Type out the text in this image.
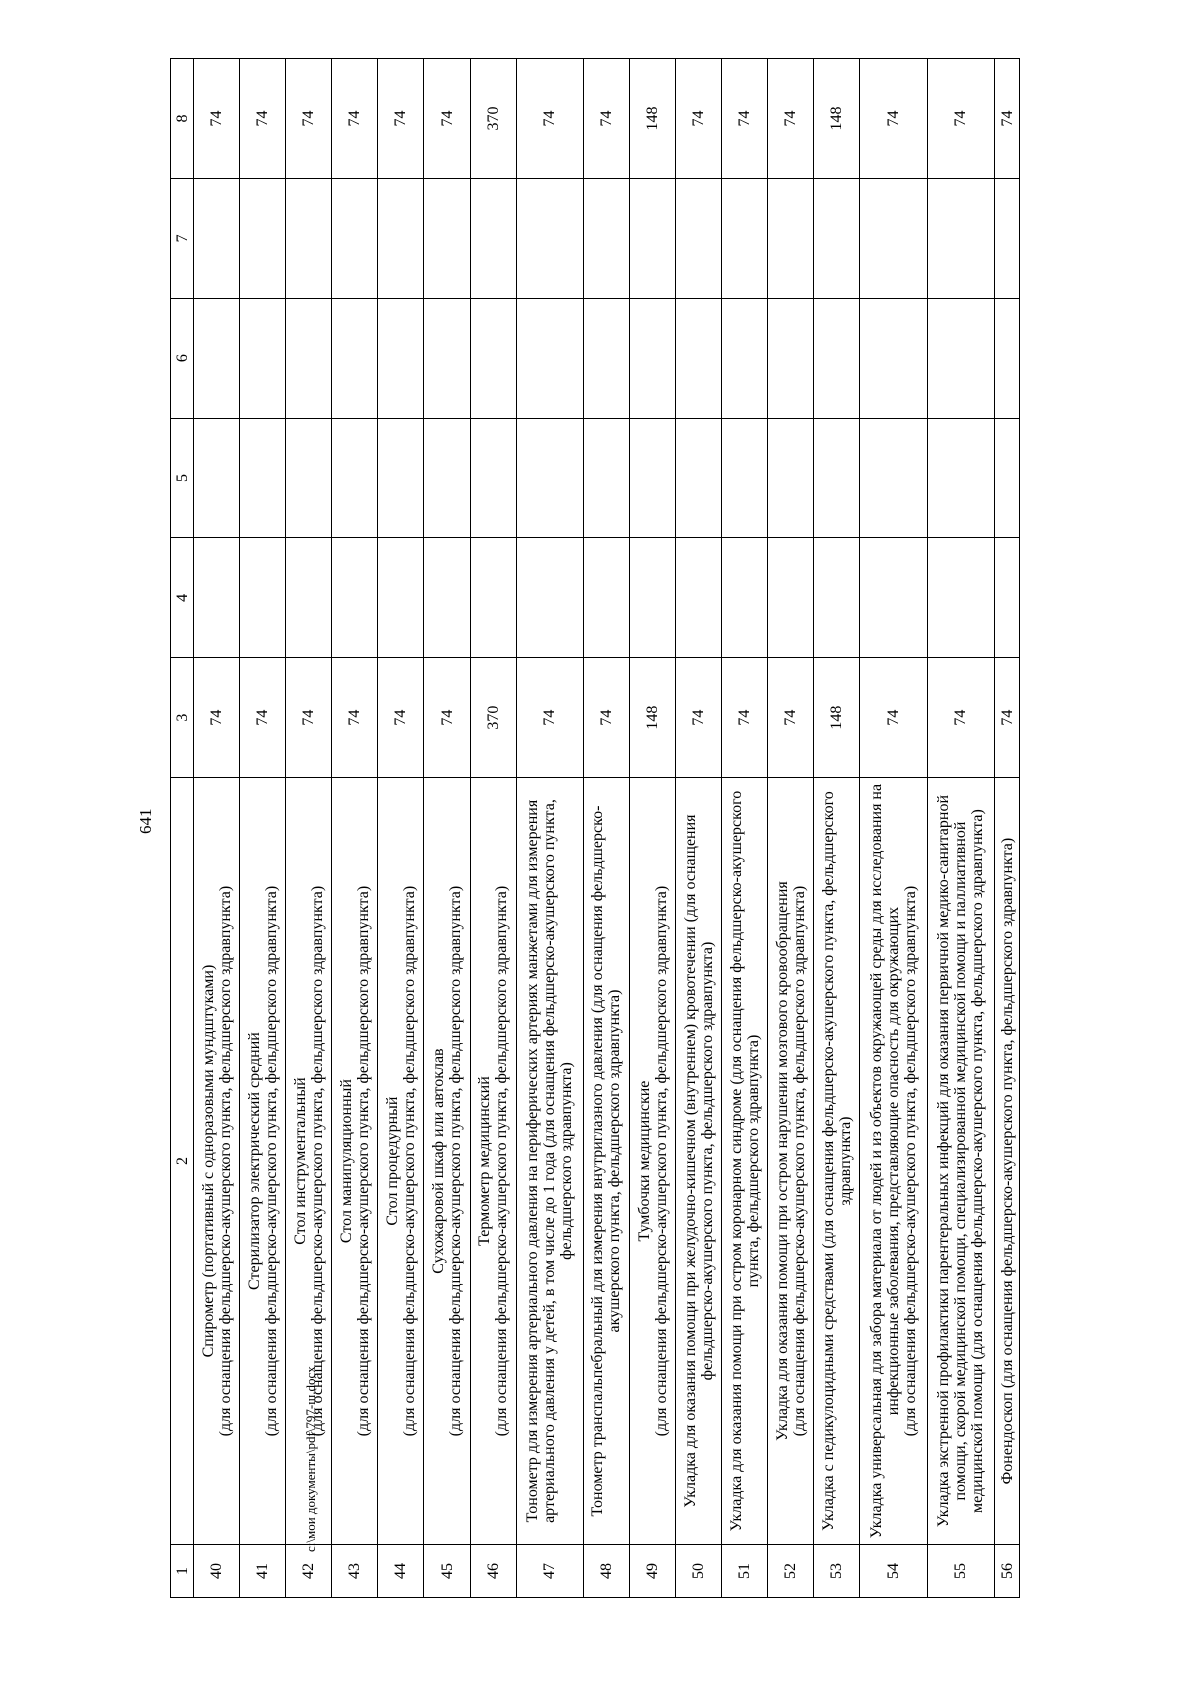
641
c:\мои документы\pdf\797-ш.docx
1	2	3	4	5	6	7	8
40	Спирометр (портативный с одноразовыми мундштуками)
(для оснащения фельдшерско-акушерского пункта, фельдшерского здравпункта)	74					74
41	Стерилизатор электрический средний
(для оснащения фельдшерско-акушерского пункта, фельдшерского здравпункта)	74					74
42	Стол инструментальный
(для оснащения фельдшерско-акушерского пункта, фельдшерского здравпункта)	74					74
43	Стол манипуляционный
(для оснащения фельдшерско-акушерского пункта, фельдшерского здравпункта)	74					74
44	Стол процедурный
(для оснащения фельдшерско-акушерского пункта, фельдшерского здравпункта)	74					74
45	Сухожаровой шкаф или автоклав
(для оснащения фельдшерско-акушерского пункта, фельдшерского здравпункта)	74					74
46	Термометр медицинский
(для оснащения фельдшерско-акушерского пункта, фельдшерского здравпункта)	370					370
47	Тонометр для измерения артериального давления на периферических артериях манжетами для измерения артериального давления у детей, в том числе до 1 года (для оснащения фельдшерско-акушерского пункта, фельдшерского здравпункта)	74					74
48	Тонометр транспальпебральный для измерения внутриглазного давления (для оснащения фельдшерско-акушерского пункта, фельдшерского здравпункта)	74					74
49	Тумбочки медицинские
(для оснащения фельдшерско-акушерского пункта, фельдшерского здравпункта)	148					148
50	Укладка для оказания помощи при желудочно-кишечном (внутреннем) кровотечении (для оснащения фельдшерско-акушерского пункта, фельдшерского здравпункта)	74					74
51	Укладка для оказания помощи при остром коронарном синдроме (для оснащения фельдшерско-акушерского пункта, фельдшерского здравпункта)	74					74
52	Укладка для оказания помощи при остром нарушении мозгового кровообращения
(для оснащения фельдшерско-акушерского пункта, фельдшерского здравпункта)	74					74
53	Укладка с педикулоцидными средствами (для оснащения фельдшерско-акушерского пункта, фельдшерского здравпункта)	148					148
54	Укладка универсальная для забора материала от людей и из объектов окружающей среды для исследования на инфекционные заболевания, представляющие опасность для окружающих
(для оснащения фельдшерско-акушерского пункта, фельдшерского здравпункта)	74					74
55	Укладка экстренной профилактики парентеральных инфекций для оказания первичной медико-санитарной помощи, скорой медицинской помощи, специализированной медицинской помощи и паллиативной медицинской помощи (для оснащения фельдшерско-акушерского пункта, фельдшерского здравпункта)	74					74
56	Фонендоскоп (для оснащения фельдшерско-акушерского пункта, фельдшерского здравпункта)	74					74
